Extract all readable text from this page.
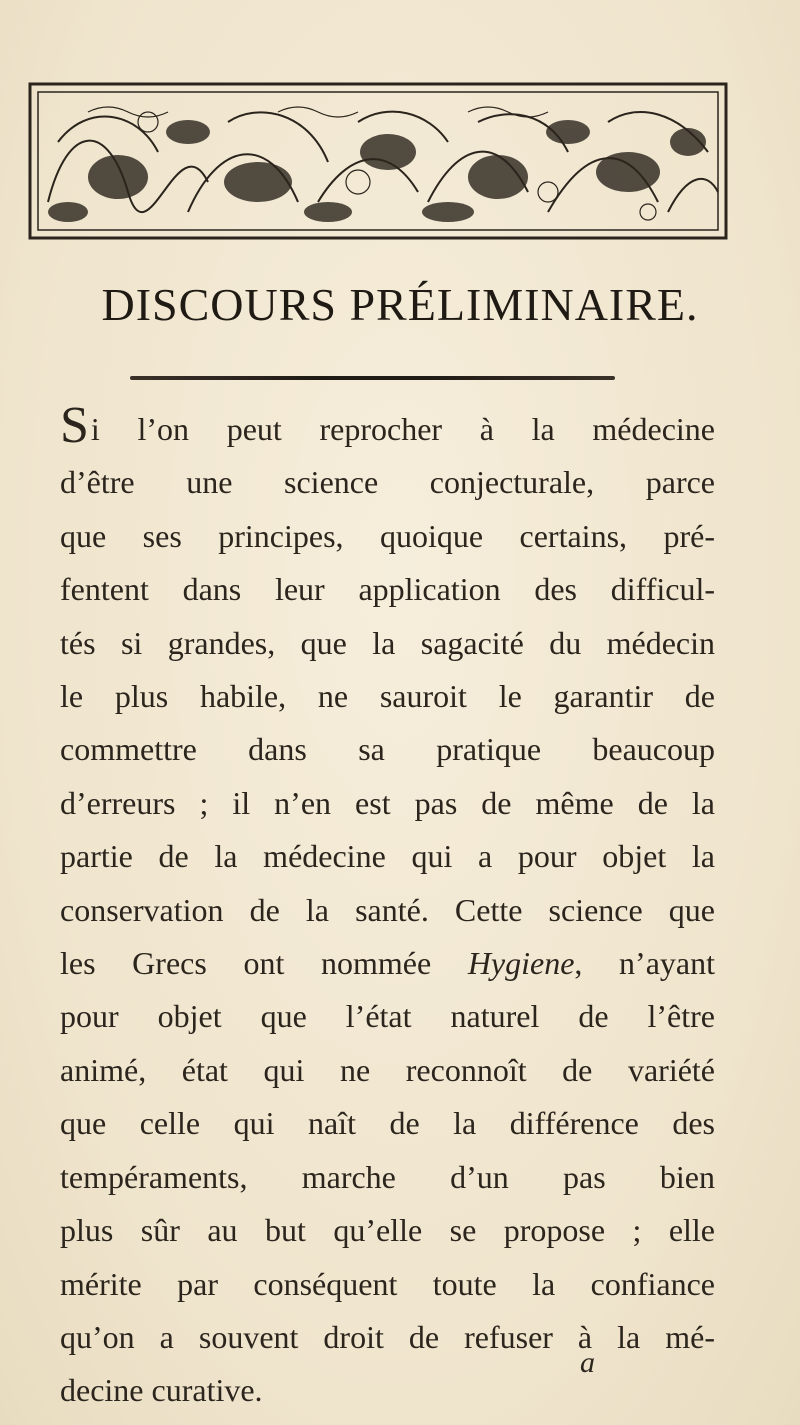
DISCOURS PRÉLIMINAIRE.
Si l’on peut reprocher à la médecine
d’être une science conjecturale, parce
que ses principes, quoique certains, pré-
fentent dans leur application des difficul-
tés si grandes, que la sagacité du médecin
le plus habile, ne sauroit le garantir de
commettre dans sa pratique beaucoup
d’erreurs ; il n’en est pas de même de la
partie de la médecine qui a pour objet la
conservation de la santé. Cette science que
les Grecs ont nommée Hygiene, n’ayant
pour objet que l’état naturel de l’être
animé, état qui ne reconnoît de variété
que celle qui naît de la différence des
tempéraments, marche d’un pas bien
plus sûr au but qu’elle se propose ; elle
mérite par conséquent toute la confiance
qu’on a souvent droit de refuser à la mé-
decine curative.
a
